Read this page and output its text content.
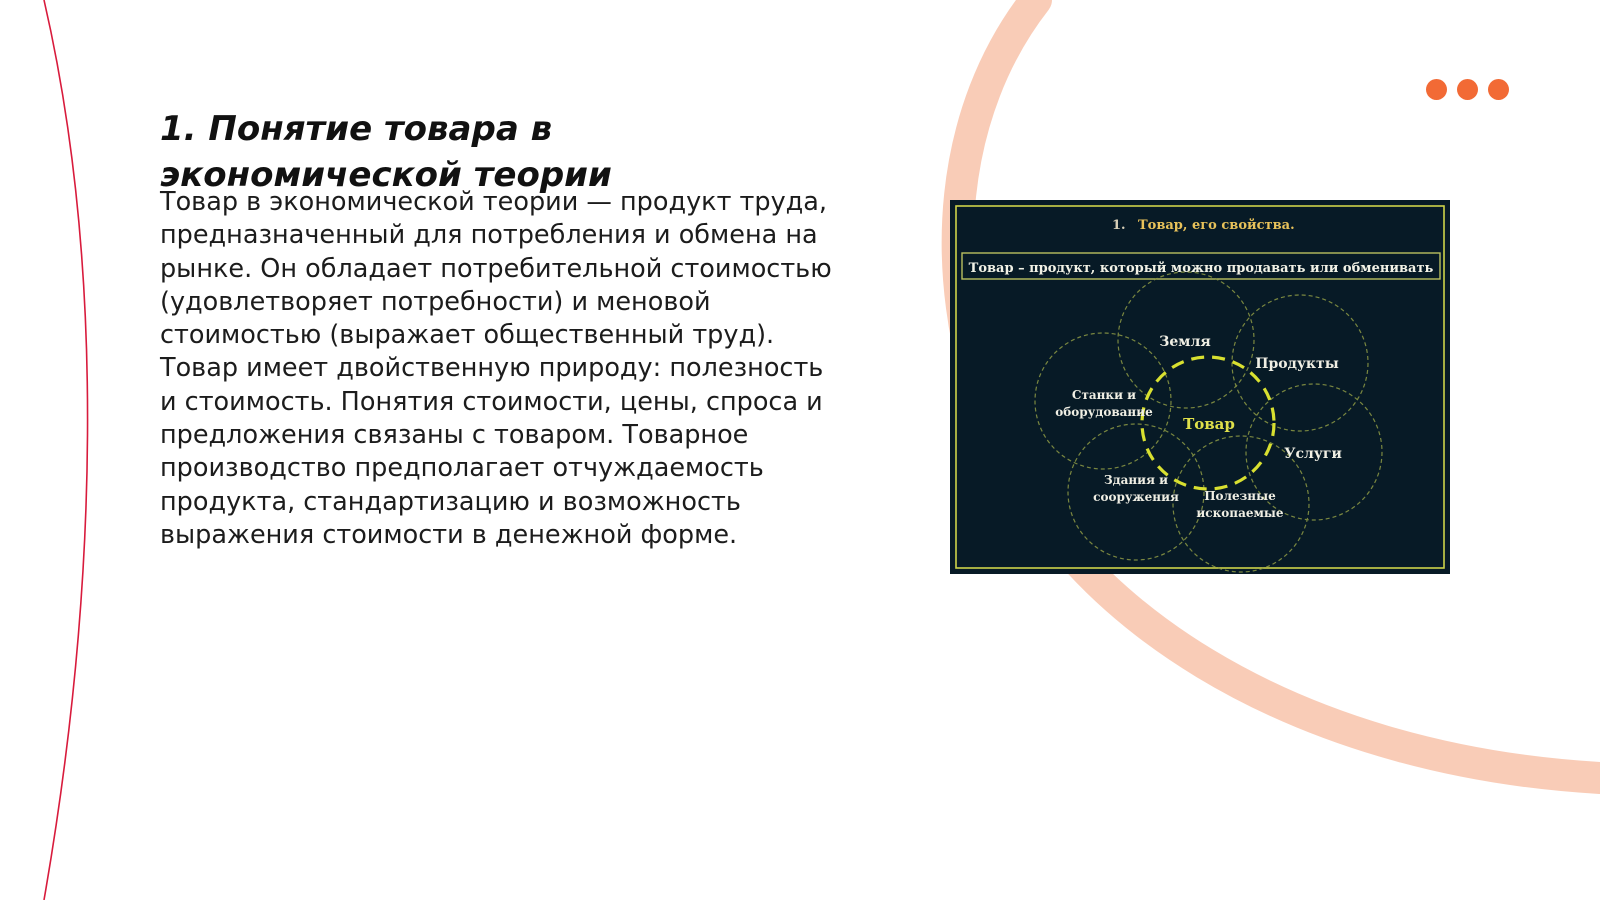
1. Понятие товара в экономической теории

Товар в экономической теории — продукт труда, предназначенный для потребления и обмена на рынке. Он обладает потребительной стоимостью (удовлетворяет потребности) и меновой стоимостью (выражает общественный труд). Товар имеет двойственную природу: полезность и стоимость. Понятия стоимости, цены, спроса и предложения связаны с товаром. Товарное производство предполагает отчуждаемость продукта, стандартизацию и возможность выражения стоимости в денежной форме.

1. Товар, его свойства.
Товар – продукт, который можно продавать или обменивать
Товар
Земля
Продукты
Станки и
оборудование
Услуги
Здания и
сооружения Полезные
ископаемые
